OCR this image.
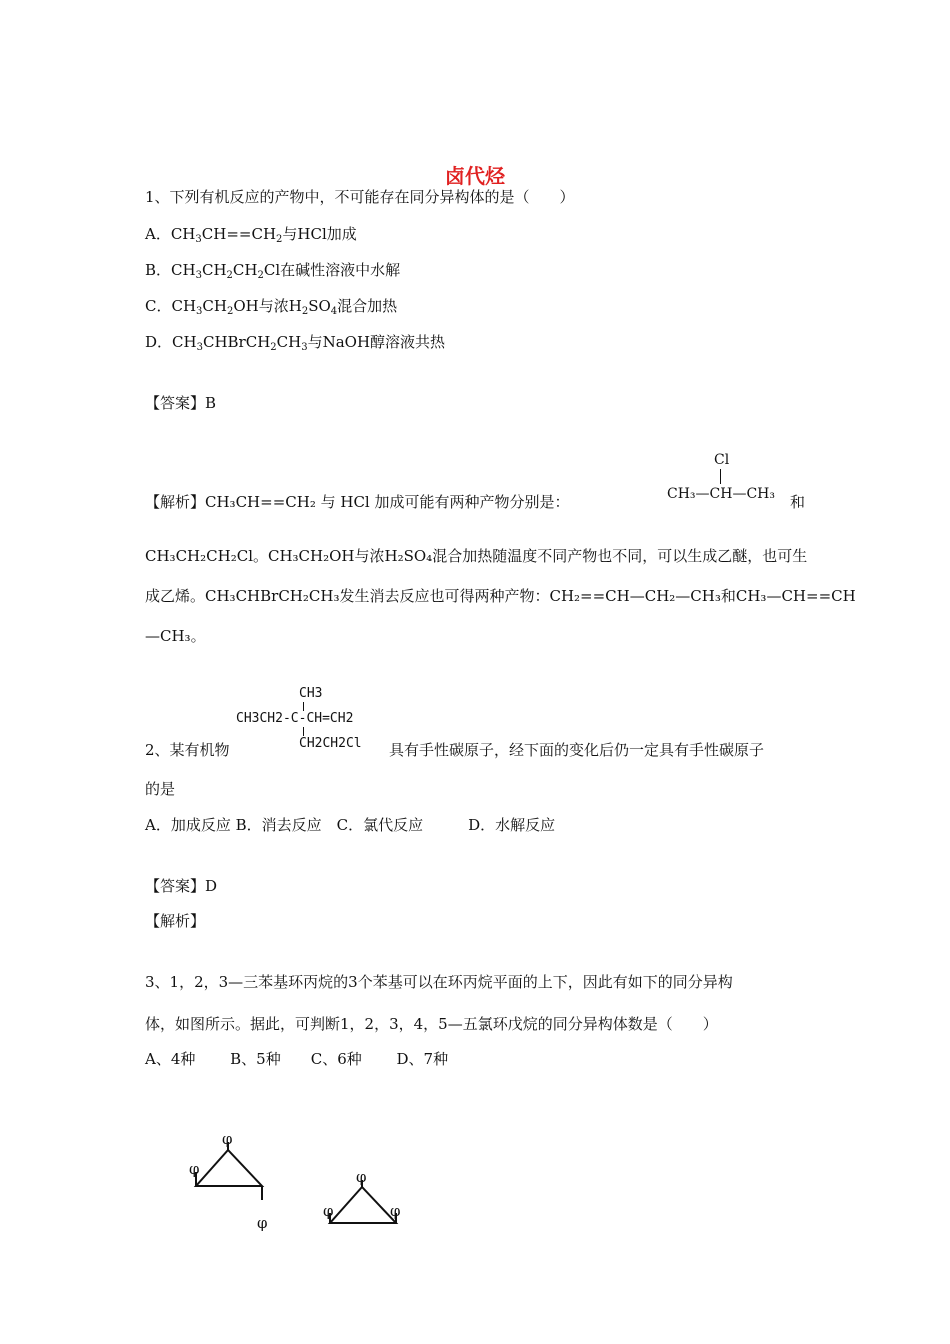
卤代烃
1、下列有机反应的产物中，不可能存在同分异构体的是（　　）
A．$CH_3CH==CH_2$与HCl加成
B．$CH_3CH_2CH_2Cl$在碱性溶液中水解
C．$CH_3CH_2OH$与浓$H_2SO_4$混合加热
D．$CH_3CHBrCH_2CH_3$与NaOH醇溶液共热
【答案】B
Cl
CH₃—CH—CH₃
【解析】CH₃CH==CH₂ 与 HCl 加成可能有两种产物分别是：	和
CH₃CH₂CH₂Cl。CH₃CH₂OH与浓H₂SO₄混合加热随温度不同产物也不同，可以生成乙醚，也可生
成乙烯。CH₃CHBrCH₂CH₃发生消去反应也可得两种产物：CH₂==CH—CH₂—CH₃和CH₃—CH==CH
—CH₃。
CH3
CH3CH2-C-CH=CH2
CH2CH2Cl
2、某有机物	具有手性碳原子，经下面的变化后仍一定具有手性碳原子
的是
A．加成反应 B．消去反应　C．氯代反应　　　D．水解反应
【答案】D
【解析】
3、1，2，3—三苯基环丙烷的3个苯基可以在环丙烷平面的上下，因此有如下的同分异构
体，如图所示。据此，可判断1，2，3，4，5—五氯环戊烷的同分异构体数是（　　）
A、4种　　 B、5种　　C、6种　　 D、7种
φ
φ
φ
φ
φ	φ
